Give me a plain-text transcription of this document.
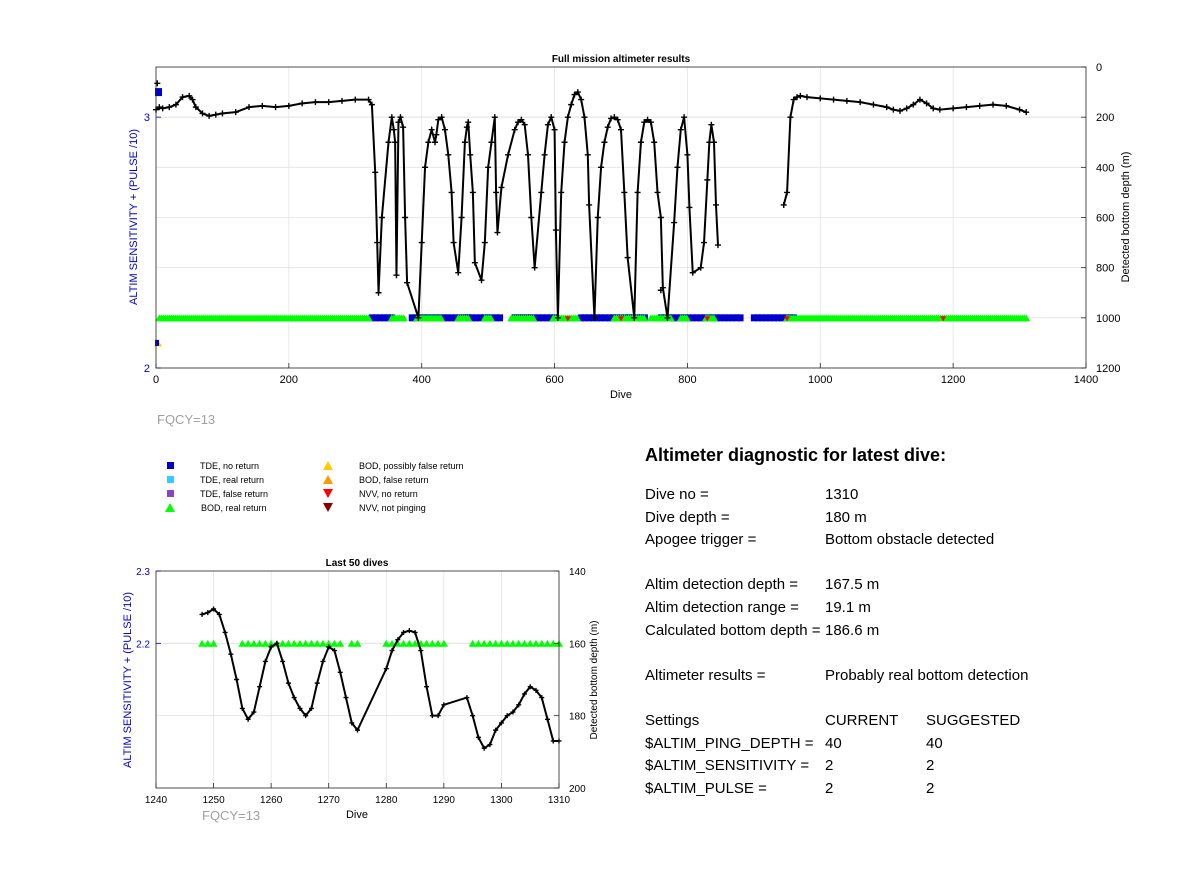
0	200	400	600	800	1000	1200	1400
0
200
400
600
800
1000
1200
2
3
Full mission altimeter results
Dive
ALTIM SENSITIVITY + (PULSE /10)	Detected bottom depth (m)
FQCY=13
TDE, no return
TDE, real return
TDE, false return
BOD, real return
BOD, possibly false return
BOD, false return
NVV, no return
NVV, not pinging
1240	1250	1260	1270	1280	1290	1300	1310
140
160
180
200
2.2
2.3
Last 50 dives
Dive
ALTIM SENSITIVITY + (PULSE /10)	Detected bottom depth (m)
FQCY=13
Altimeter diagnostic for latest dive:
Dive no =	1310
Dive depth =	180 m
Apogee trigger =	Bottom obstacle detected
Altim detection depth = 167.5 m
Altim detection range = 19.1 m
Calculated bottom depth = 186.6 m
Altimeter results =	Probably real bottom detection
Settings	CURRENT SUGGESTED
$ALTIM_PING_DEPTH = 40	40
$ALTIM_SENSITIVITY = 2	2
$ALTIM_PULSE =	2	2
